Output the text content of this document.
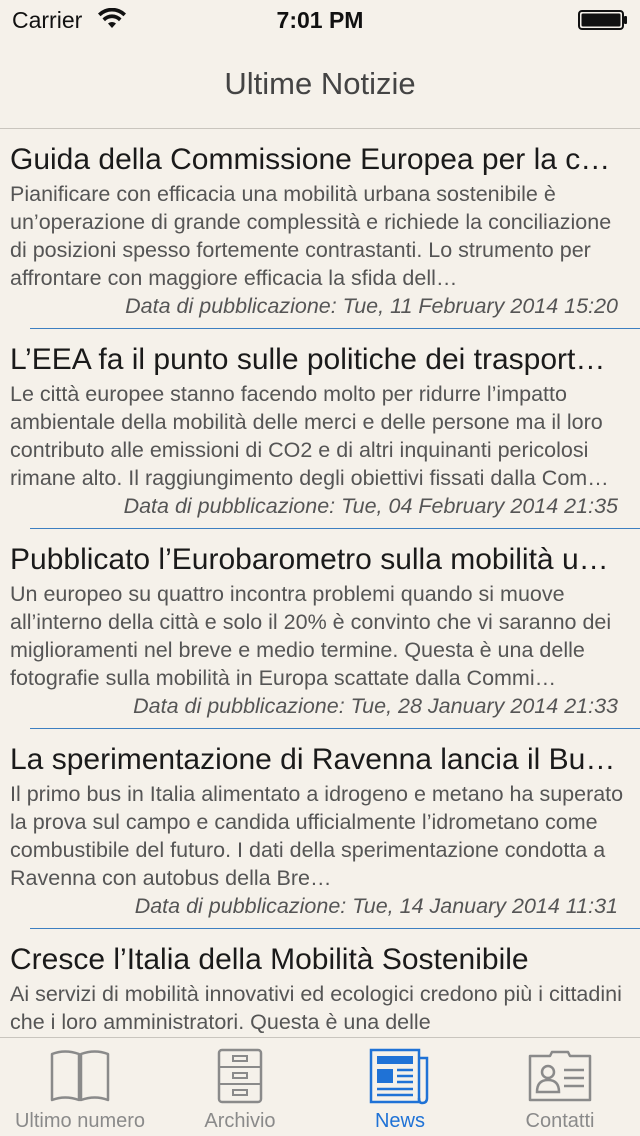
Carrier	7:01 PM
Ultime Notizie
Guida della Commissione Europea per la c…
Pianificare con efficacia una mobilità urbana sostenibile è un’operazione di grande complessità e richiede la conciliazione di posizioni spesso fortemente contrastanti. Lo strumento per affrontare con maggiore efficacia la sfida dell…
Data di pubblicazione: Tue, 11 February 2014 15:20
L’EEA fa il punto sulle politiche dei trasport…
Le città europee stanno facendo molto per ridurre l’impatto ambientale della mobilità delle merci e delle persone ma il loro contributo alle emissioni di CO2 e di altri inquinanti pericolosi rimane alto. Il raggiungimento degli obiettivi fissati dalla Com…
Data di pubblicazione: Tue, 04 February 2014 21:35
Pubblicato l’Eurobarometro sulla mobilità u…
Un europeo su quattro incontra problemi quando si muove all’interno della città e solo il 20% è convinto che vi saranno dei miglioramenti nel breve e medio termine. Questa è una delle fotografie sulla mobilità in Europa scattate dalla Commi…
Data di pubblicazione: Tue, 28 January 2014 21:33
La sperimentazione di Ravenna lancia il Bu…
Il primo bus in Italia alimentato a idrogeno e metano ha superato la prova sul campo e candida ufficialmente l’idrometano come combustibile del futuro. I dati della sperimentazione condotta a Ravenna con autobus della Bre…
Data di pubblicazione: Tue, 14 January 2014 11:31
Cresce l’Italia della Mobilità Sostenibile
Ai servizi di mobilità innovativi ed ecologici credono più i cittadini che i loro amministratori. Questa è una delle
Ultimo numero	Archivio	News	Contatti
